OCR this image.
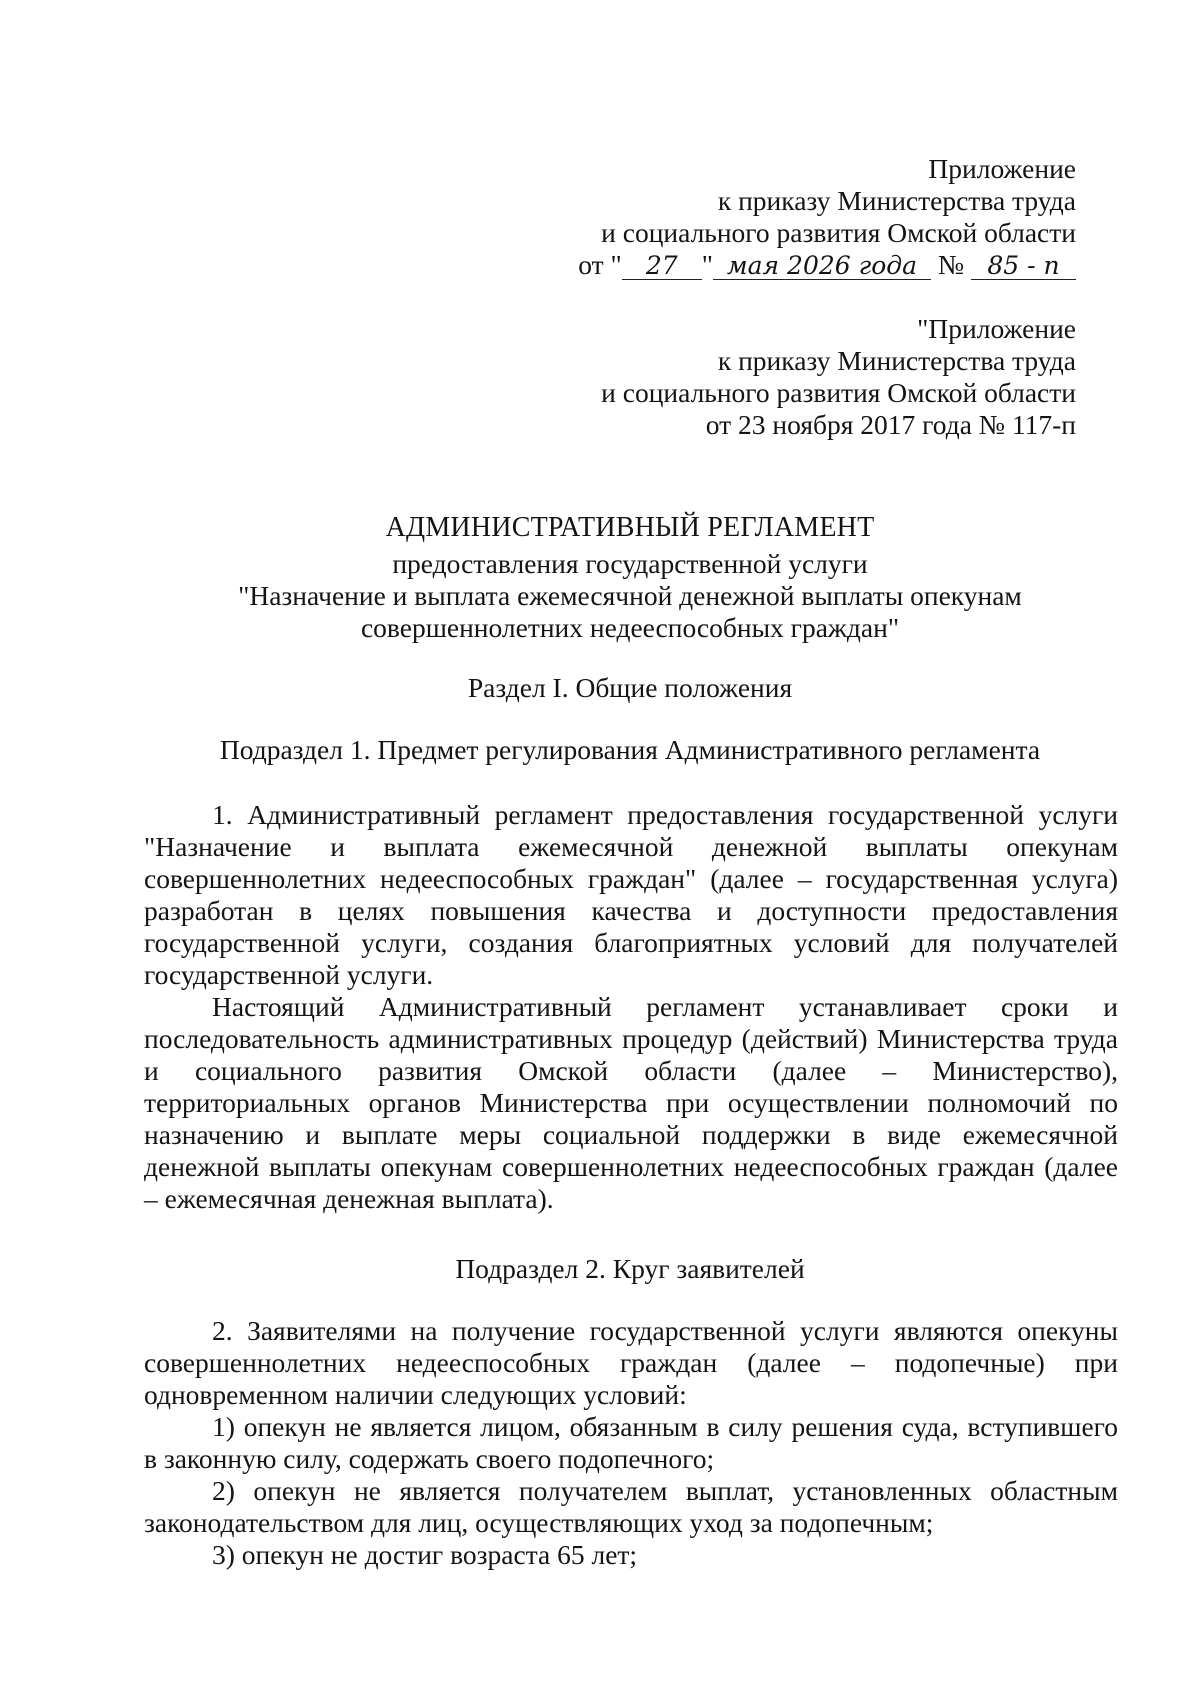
Приложение
к приказу Министерства труда
и социального развития Омской области
от " 27 " мая 2026 года № 85 - п
"Приложение
к приказу Министерства труда
и социального развития Омской области
от 23 ноября 2017 года № 117-п
АДМИНИСТРАТИВНЫЙ РЕГЛАМЕНТ
предоставления государственной услуги
"Назначение и выплата ежемесячной денежной выплаты опекунам
совершеннолетних недееспособных граждан"
Раздел I. Общие положения
Подраздел 1. Предмет регулирования Административного регламента

1. Административный регламент предоставления государственной услуги "Назначение и выплата ежемесячной денежной выплаты опекунам совершеннолетних недееспособных граждан" (далее – государственная услуга) разработан в целях повышения качества и доступности предоставления государственной услуги, создания благоприятных условий для получателей государственной услуги.

Настоящий Административный регламент устанавливает сроки и последовательность административных процедур (действий) Министерства труда и социального развития Омской области (далее – Министерство), территориальных органов Министерства при осуществлении полномочий по назначению и выплате меры социальной поддержки в виде ежемесячной денежной выплаты опекунам совершеннолетних недееспособных граждан (далее – ежемесячная денежная выплата).

Подраздел 2. Круг заявителей

2. Заявителями на получение государственной услуги являются опекуны совершеннолетних недееспособных граждан (далее – подопечные) при одновременном наличии следующих условий:

1) опекун не является лицом, обязанным в силу решения суда, вступившего в законную силу, содержать своего подопечного;

2) опекун не является получателем выплат, установленных областным законодательством для лиц, осуществляющих уход за подопечным;

3) опекун не достиг возраста 65 лет;
